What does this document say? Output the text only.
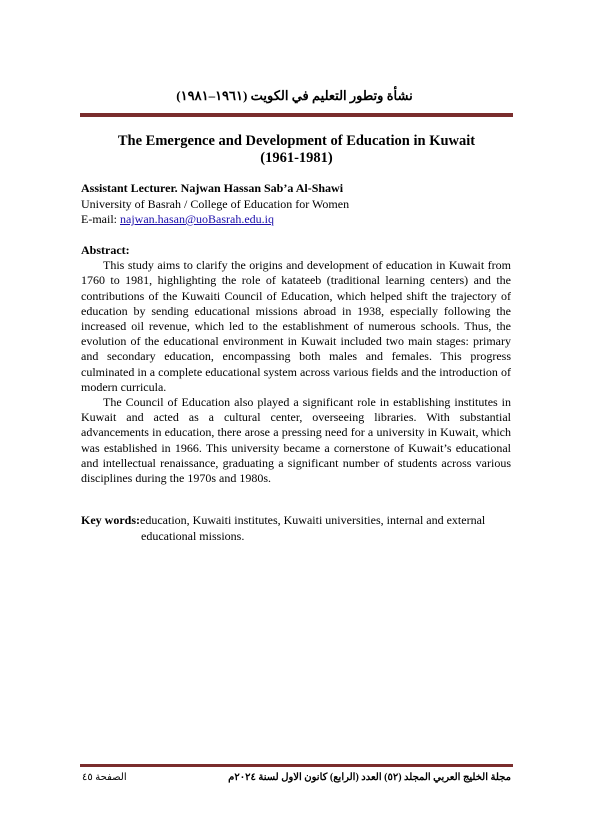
نشأة وتطور التعليم في الكويت (١٩٦١–١٩٨١)
The Emergence and Development of Education in Kuwait
(1961-1981)
Assistant Lecturer. Najwan Hassan Sab’a Al-Shawi
University of Basrah / College of Education for Women
E-mail: najwan.hasan@uoBasrah.edu.iq
Abstract:

This study aims to clarify the origins and development of education in Kuwait from 1760 to 1981, highlighting the role of katateeb (traditional learning centers) and the contributions of the Kuwaiti Council of Education, which helped shift the trajectory of education by sending educational missions abroad in 1938, especially following the increased oil revenue, which led to the establishment of numerous schools. Thus, the evolution of the educational environment in Kuwait included two main stages: primary and secondary education, encompassing both males and females. This progress culminated in a complete educational system across various fields and the introduction of modern curricula.

The Council of Education also played a significant role in establishing institutes in Kuwait and acted as a cultural center, overseeing libraries. With substantial advancements in education, there arose a pressing need for a university in Kuwait, which was established in 1966. This university became a cornerstone of Kuwait’s educational and intellectual renaissance, graduating a significant number of students across various disciplines during the 1970s and 1980s.

Key words:education, Kuwaiti institutes, Kuwaiti universities, internal and external educational missions.
مجلة الخليج العربي المجلد (٥٢) العدد (الرابع) كانون الاول لسنة ٢٠٢٤م
الصفحة ٤٥
